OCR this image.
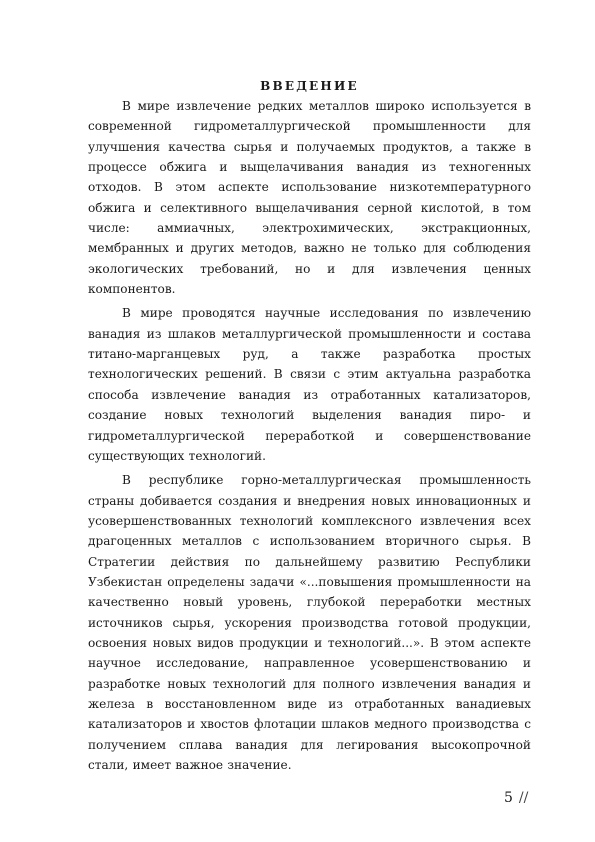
ВВЕДЕНИЕ

В мире извлечение редких металлов широко используется в современной гидрометаллургической промышленности для улучшения качества сырья и получаемых продуктов, а также в процессе обжига и выщелачивания ванадия из техногенных отходов. В этом аспекте использование низкотемпературного обжига и селективного выщелачивания серной кислотой, в том числе: аммиачных, электрохимических, экстракционных, мембранных и других методов, важно не только для соблюдения экологических требований, но и для извлечения ценных компонентов.

В мире проводятся научные исследования по извлечению ванадия из шлаков металлургической промышленности и состава титано-марганцевых руд, а также разработка простых технологических решений. В связи с этим актуальна разработка способа извлечение ванадия из отработанных катализаторов, создание новых технологий выделения ванадия пиро- и гидрометаллургической переработкой и совершенствование существующих технологий.

В республике горно-металлургическая промышленность страны добивается создания и внедрения новых инновационных и усовершенствованных технологий комплексного извлечения всех драгоценных металлов с использованием вторичного сырья. В Стратегии действия по дальнейшему развитию Республики Узбекистан определены задачи «...повышения промышленности на качественно новый уровень, глубокой переработки местных источников сырья, ускорения производства готовой продукции, освоения новых видов продукции и технологий...». В этом аспекте научное исследование, направленное усовершенствованию и разработке новых технологий для полного извлечения ванадия и железа в восстановленном виде из отработанных ванадиевых катализаторов и хвостов флотации шлаков медного производства с получением сплава ванадия для легирования высокопрочной стали, имеет важное значение.

5 //
